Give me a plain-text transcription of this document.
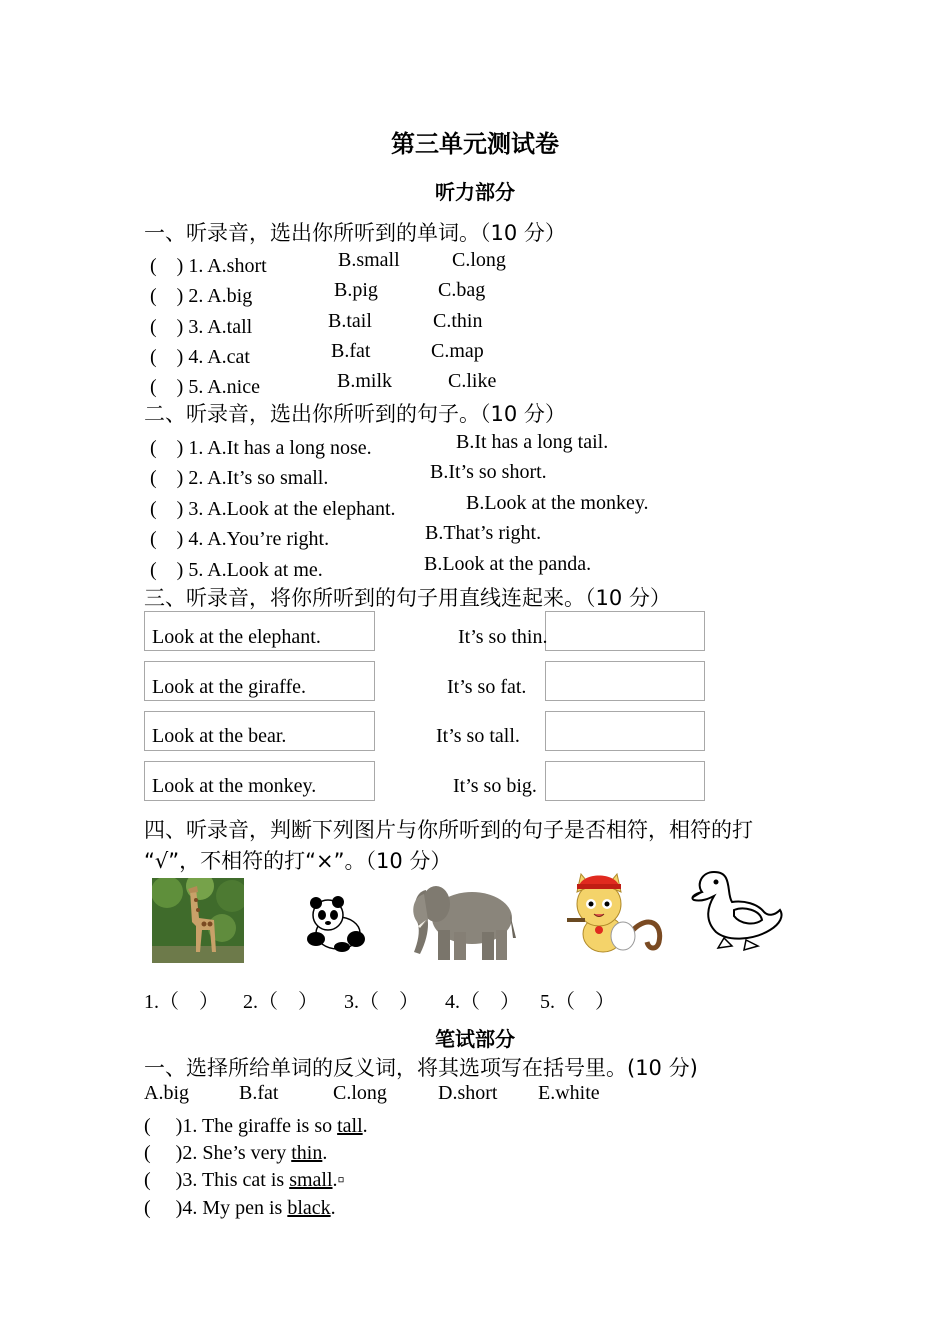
第三单元测试卷
听力部分
一、听录音，选出你所听到的单词。（10 分）
(　) 1. A.short	B.small	C.long
(　) 2. A.big	B.pig	C.bag
(　) 3. A.tall	B.tail	C.thin
(　) 4. A.cat	B.fat	C.map
(　) 5. A.nice	B.milk	C.like
二、听录音，选出你所听到的句子。（10 分）
(　) 1. A.It has a long nose.	B.It has a long tail.
(　) 2. A.It’s so small.	B.It’s so short.
(　) 3. A.Look at the elephant.	B.Look at the monkey.
(　) 4. A.You’re right.	B.That’s right.
(　) 5. A.Look at me.	B.Look at the panda.
三、听录音，将你所听到的句子用直线连起来。（10 分）
Look at the elephant.
Look at the giraffe.
Look at the bear.
Look at the monkey.
It’s so thin.
It’s so fat.
It’s so tall.
It’s so big.
四、听录音，判断下列图片与你所听到的句子是否相符，相符的打
“√”，不相符的打“×”。（10 分）
1.（　） 2.（　） 3.（　） 4.（　） 5.（　）
笔试部分
一、选择所给单词的反义词，将其选项写在括号里。(10 分)
A.big	B.fat	C.long	D.short E.white
(　 )1. The giraffe is so tall.
(　 )2. She’s very thin.
(　 )3. This cat is small.▫
(　 )4. My pen is black.
